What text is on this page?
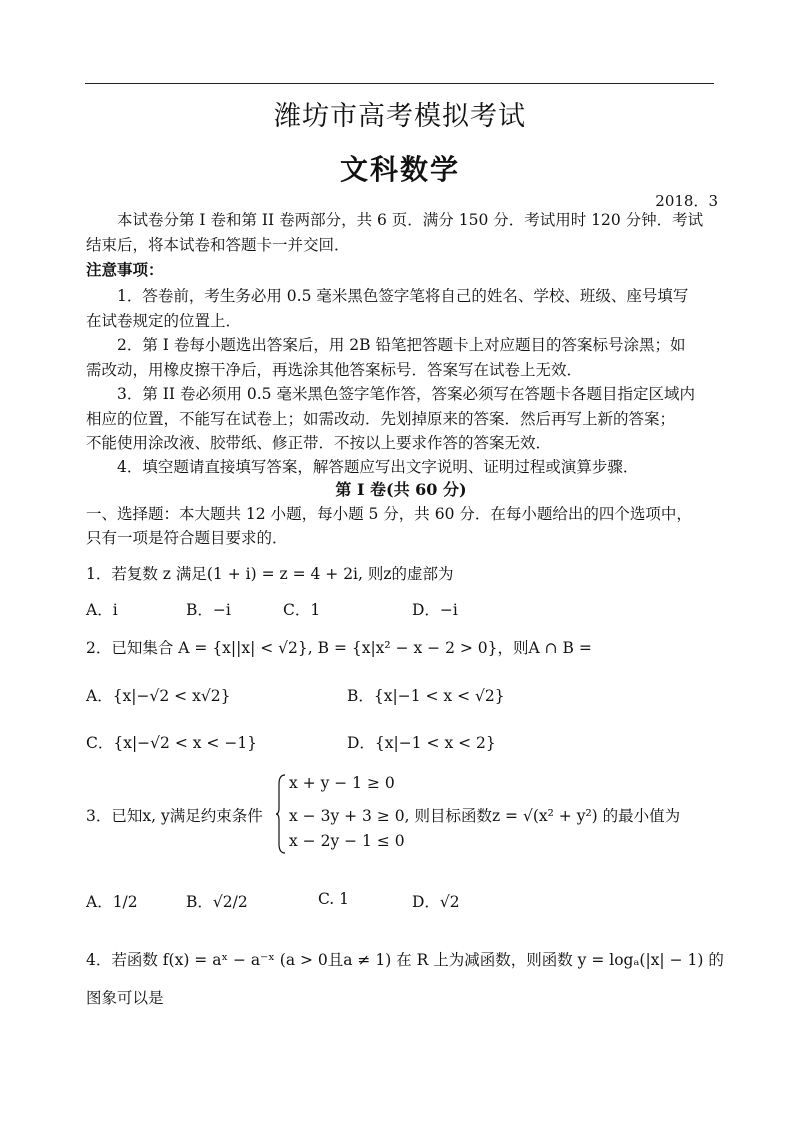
潍坊市高考模拟考试
文科数学
2018．3
本试卷分第 I 卷和第 II 卷两部分，共 6 页．满分 150 分．考试用时 120 分钟．考试
结束后，将本试卷和答题卡一并交回．
注意事项：
1．答卷前，考生务必用 0.5 毫米黑色签字笔将自己的姓名、学校、班级、座号填写
在试卷规定的位置上．
2．第 I 卷每小题选出答案后，用 2B 铅笔把答题卡上对应题目的答案标号涂黑；如
需改动，用橡皮擦干净后，再选涂其他答案标号．答案写在试卷上无效．
3．第 II 卷必须用 0.5 毫米黑色签字笔作答，答案必须写在答题卡各题目指定区域内
相应的位置，不能写在试卷上；如需改动．先划掉原来的答案．然后再写上新的答案；
不能使用涂改液、胶带纸、修正带．不按以上要求作答的答案无效．
4．填空题请直接填写答案，解答题应写出文字说明、证明过程或演算步骤．
第 I 卷(共 60 分)
一、选择题：本大题共 12 小题，每小题 5 分，共 60 分．在每小题给出的四个选项中，
只有一项是符合题目要求的．
1．若复数 z 满足(1 + i) = z = 4 + 2i, 则z的虚部为
A．i	B．−i	C．1	D．−i
2．已知集合 A = {x||x| < √2}, B = {x|x² − x − 2 > 0}，则A ∩ B =
A．{x|−√2 < x√2}	B．{x|−1 < x < √2}
C．{x|−√2 < x < −1}	D．{x|−1 < x < 2}
3．已知x, y满足约束条件
x + y − 1 ≥ 0
x − 3y + 3 ≥ 0, 则目标函数z = √(x² + y²) 的最小值为
x − 2y − 1 ≤ 0
A．1/2	B．√2/2	C. 1	D．√2
4．若函数 f(x) = aˣ − a⁻ˣ (a > 0且a ≠ 1) 在 R 上为减函数，则函数 y = logₐ(|x| − 1) 的
图象可以是
